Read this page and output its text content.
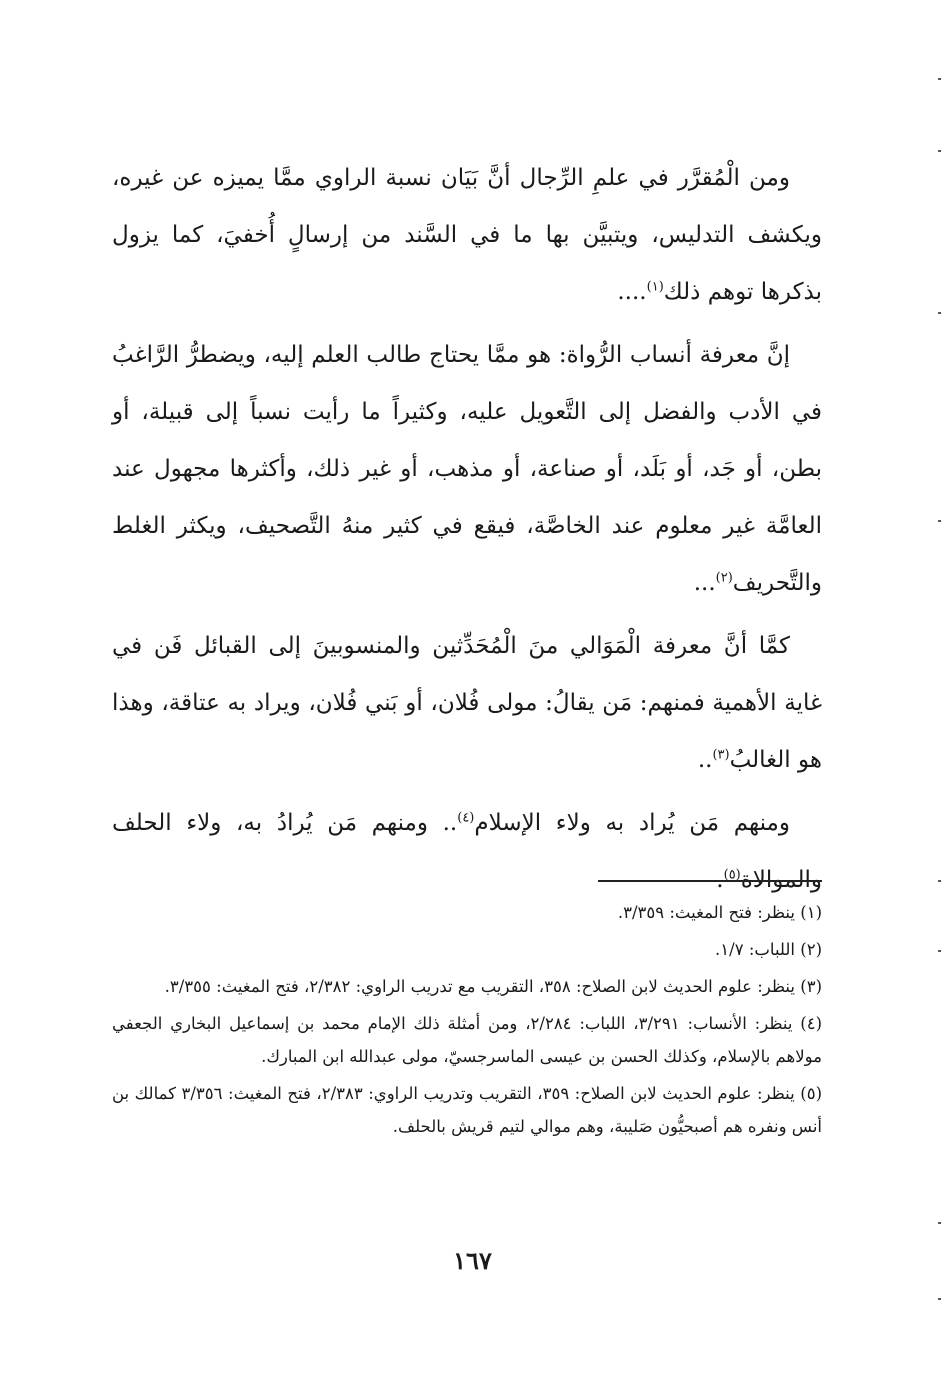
ومن الْمُقرَّر في علمِ الرِّجال أنَّ بَيَان نسبة الراوي ممَّا يميزه عن غيره، ويكشف التدليس، ويتبيَّن بها ما في السَّند من إرسالٍ أُخفيَ، كما يزول بذكرها توهم ذلك$^{(١)}$....

إنَّ معرفة أنساب الرُّواة: هو ممَّا يحتاج طالب العلم إليه، ويضطرُّ الرَّاغبُ في الأدب والفضل إلى التَّعويل عليه، وكثيراً ما رأيت نسباً إلى قبيلة، أو بطن، أو جَد، أو بَلَد، أو صناعة، أو مذهب، أو غير ذلك، وأكثرها مجهول عند العامَّة غير معلوم عند الخاصَّة، فيقع في كثير منهُ التَّصحيف، ويكثر الغلط والتَّحريف$^{(٢)}$...

كمَّا أنَّ معرفة الْمَوَالي منَ الْمُحَدِّثين والمنسوبينَ إلى القبائل فَن في غاية الأهمية فمنهم: مَن يقالُ: مولى فُلان، أو بَني فُلان، ويراد به عتاقة، وهذا هو الغالبُ$^{(٣)}$..

ومنهم مَن يُراد به ولاء الإسلام$^{(٤)}$.. ومنهم مَن يُرادُ به، ولاء الحلف والموالاة$^{(٥)}$.

(١) ينظر: فتح المغيث: ٣/٣٥٩.

(٢) اللباب: ١/٧.

(٣) ينظر: علوم الحديث لابن الصلاح: ٣٥٨، التقريب مع تدريب الراوي: ٢/٣٨٢، فتح المغيث: ٣/٣٥٥.

(٤) ينظر: الأنساب: ٣/٢٩١، اللباب: ٢/٢٨٤، ومن أمثلة ذلك الإمام محمد بن إسماعيل البخاري الجعفي مولاهم بالإسلام، وكذلك الحسن بن عيسى الماسرجسيّ، مولى عبدالله ابن المبارك.

(٥) ينظر: علوم الحديث لابن الصلاح: ٣٥٩، التقريب وتدريب الراوي: ٢/٣٨٣، فتح المغيث: ٣/٣٥٦ كمالك بن أنس ونفره هم أصبحيُّون صَليبة، وهم موالي لتيم قريش بالحلف.

١٦٧
